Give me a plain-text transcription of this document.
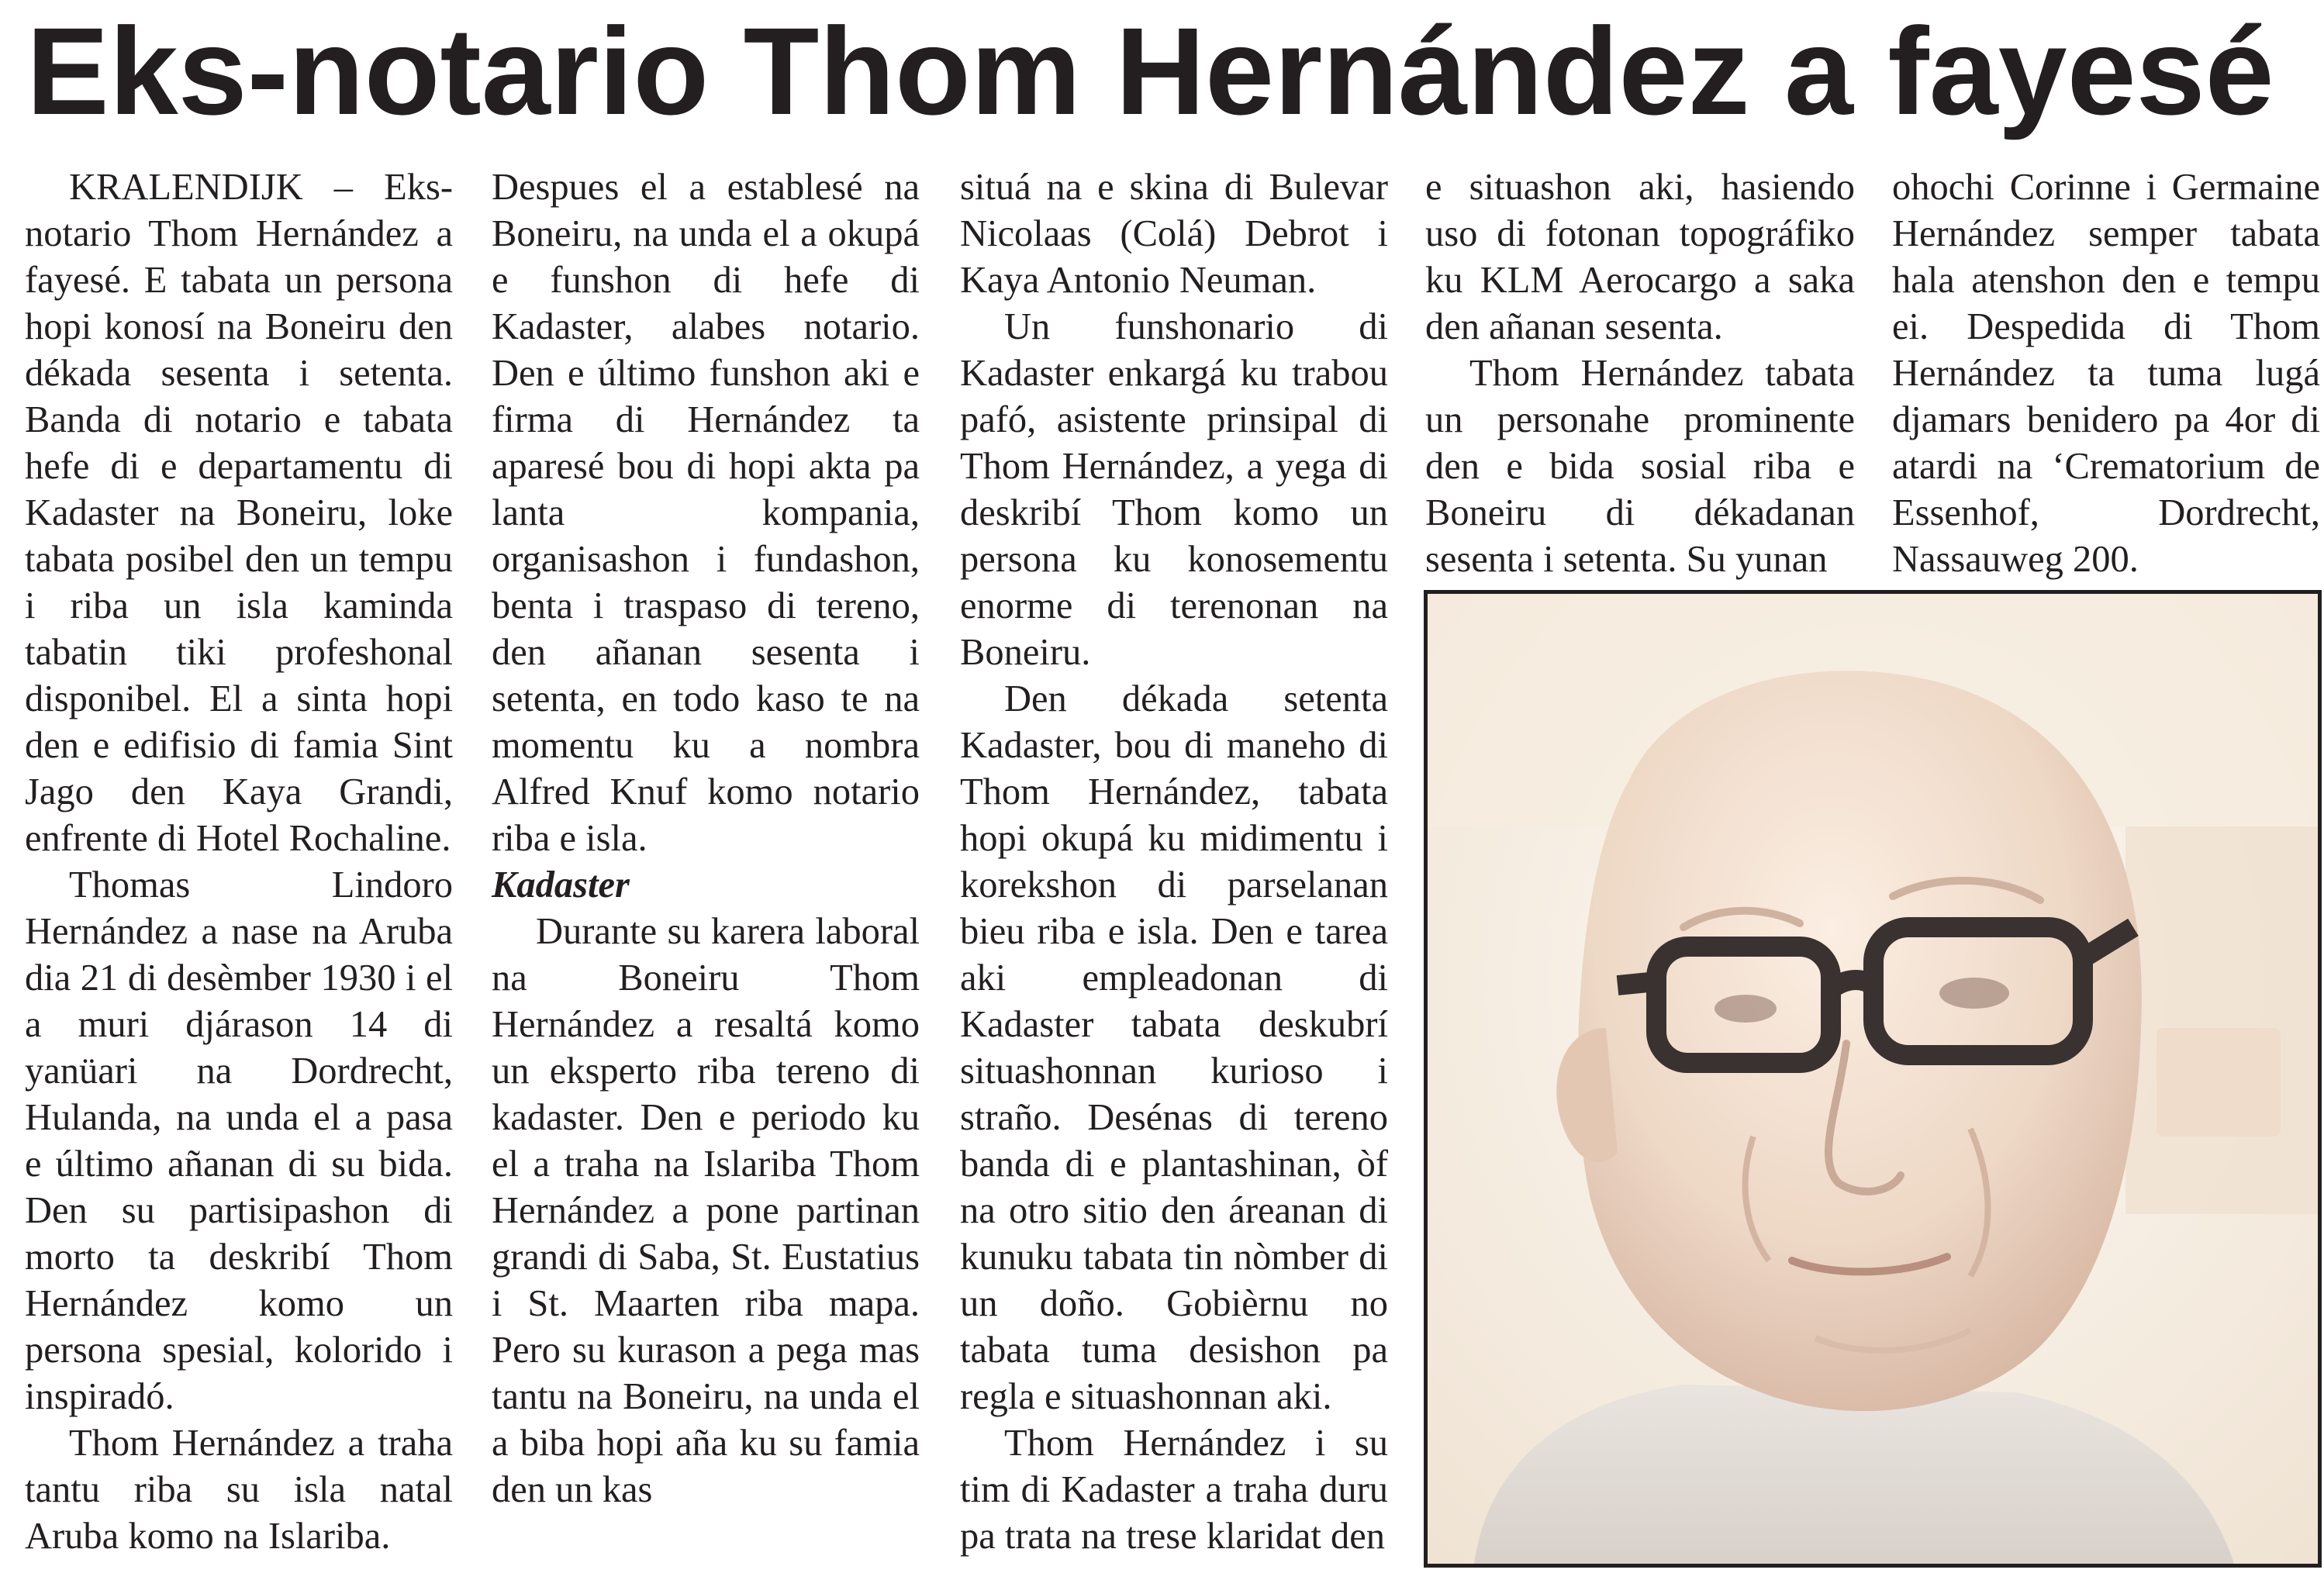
Eks-notario Thom Hernández a fayesé

KRALENDIJK – Eks-notario Thom Hernández a fayesé. E tabata un persona hopi konosí na Boneiru den dékada sesenta i setenta. Banda di notario e tabata hefe di e departamentu di Kadaster na Boneiru, loke tabata posibel den un tempu i riba un isla kaminda tabatin tiki profeshonal disponibel. El a sinta hopi den e edifisio di famia Sint Jago den Kaya Grandi, enfrente di Hotel Rochaline.

Thomas Lindoro Hernández a nase na Aruba dia 21 di desèmber 1930 i el a muri djárason 14 di yanüari na Dordrecht, Hulanda, na unda el a pasa e último añanan di su bida. Den su partisipashon di morto ta deskribí Thom Hernández komo un persona spesial, kolorido i inspiradó.

Thom Hernández a traha tantu riba su isla natal Aruba komo na Islariba.

Despues el a establesé na Boneiru, na unda el a okupá e funshon di hefe di Kadaster, alabes notario. Den e último funshon aki e firma di Hernández ta aparesé bou di hopi akta pa lanta kompania, organisashon i fundashon, benta i traspaso di tereno, den añanan sesenta i setenta, en todo kaso te na momentu ku a nombra Alfred Knuf komo notario riba e isla.

Kadaster

Durante su karera laboral na Boneiru Thom Hernández a resaltá komo un eksperto riba tereno di kadaster. Den e periodo ku el a traha na Islariba Thom Hernández a pone partinan grandi di Saba, St. Eustatius i St. Maarten riba mapa. Pero su kurason a pega mas tantu na Boneiru, na unda el a biba hopi aña ku su famia den un kas

situá na e skina di Bulevar Nicolaas (Colá) Debrot i Kaya Antonio Neuman.

Un funshonario di Kadaster enkargá ku trabou pafó, asistente prinsipal di Thom Hernández, a yega di deskribí Thom komo un persona ku konosementu enorme di terenonan na Boneiru.

Den dékada setenta Kadaster, bou di maneho di Thom Hernández, tabata hopi okupá ku midimentu i korekshon di parselanan bieu riba e isla. Den e tarea aki empleadonan di Kadaster tabata deskubrí situashonnan kurioso i straño. Desénas di tereno banda di e plantashinan, òf na otro sitio den áreanan di kunuku tabata tin nòmber di un doño. Gobièrnu no tabata tuma desishon pa regla e situashonnan aki.

Thom Hernández i su tim di Kadaster a traha duru pa trata na trese klaridat den

e situashon aki, hasiendo uso di fotonan topográfiko ku KLM Aerocargo a saka den añanan sesenta.

Thom Hernández tabata un personahe prominente den e bida sosial riba e Boneiru di dékadanan sesenta i setenta. Su yunan

ohochi Corinne i Germaine Hernández semper tabata hala atenshon den e tempu ei. Despedida di Thom Hernández ta tuma lugá djamars benidero pa 4or di atardi na ‘Crematorium de Essenhof, Dordrecht, Nassauweg 200.
